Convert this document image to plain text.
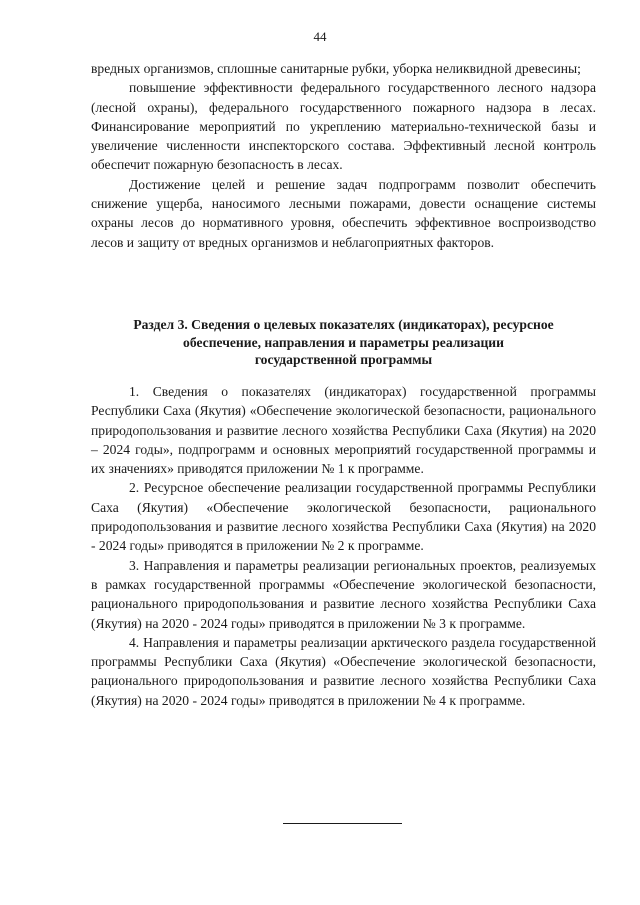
44

вредных организмов, сплошные санитарные рубки, уборка неликвидной древесины;

повышение эффективности федерального государственного лесного надзора (лесной охраны), федерального государственного пожарного надзора в лесах. Финансирование мероприятий по укреплению материально-технической базы и увеличение численности инспекторского состава. Эффективный лесной контроль обеспечит пожарную безопасность в лесах.

Достижение целей и решение задач подпрограмм позволит обеспечить снижение ущерба, наносимого лесными пожарами, довести оснащение системы охраны лесов до нормативного уровня, обеспечить эффективное воспроизводство лесов и защиту от вредных организмов и неблагоприятных факторов.

Раздел 3. Сведения о целевых показателях (индикаторах), ресурсное
обеспечение, направления и параметры реализации
государственной программы

1. Сведения о показателях (индикаторах) государственной программы Республики Саха (Якутия) «Обеспечение экологической безопасности, рационального природопользования и развитие лесного хозяйства Республики Саха (Якутия) на 2020 – 2024 годы», подпрограмм и основных мероприятий государственной программы и их значениях» приводятся приложении № 1 к программе.

2. Ресурсное обеспечение реализации государственной программы Республики Саха (Якутия) «Обеспечение экологической безопасности, рационального природопользования и развитие лесного хозяйства Республики Саха (Якутия) на 2020 - 2024 годы» приводятся в приложении № 2 к программе.

3. Направления и параметры реализации региональных проектов, реализуемых в рамках государственной программы «Обеспечение экологической безопасности, рационального природопользования и развитие лесного хозяйства Республики Саха (Якутия) на 2020 - 2024 годы» приводятся в приложении № 3 к программе.

4. Направления и параметры реализации арктического раздела государственной программы Республики Саха (Якутия) «Обеспечение экологической безопасности, рационального природопользования и развитие лесного хозяйства Республики Саха (Якутия) на 2020 - 2024 годы» приводятся в приложении № 4 к программе.
